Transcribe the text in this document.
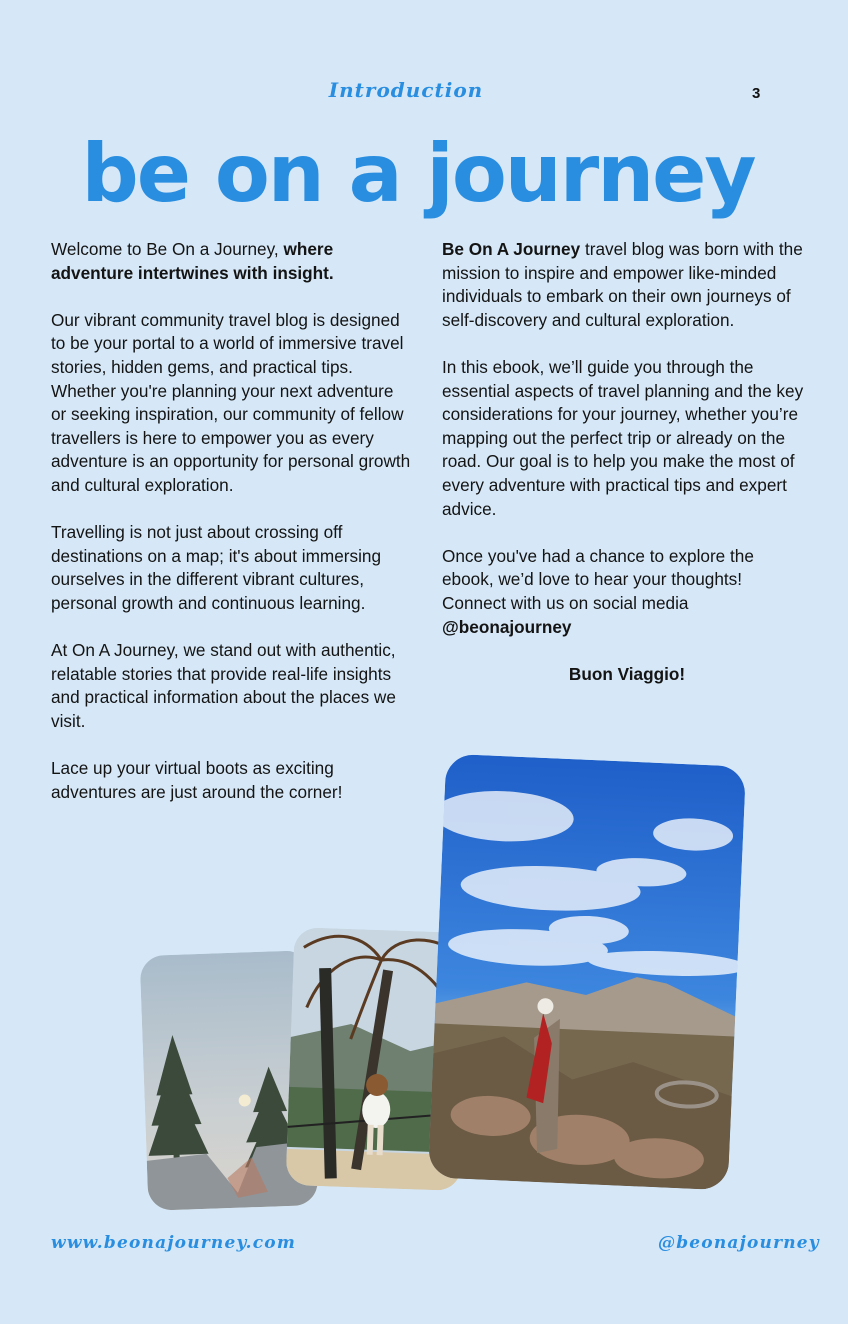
Introduction	3
be on a journey

Welcome to Be On a Journey, where adventure intertwines with insight.

Our vibrant community travel blog is designed to be your portal to a world of immersive travel stories, hidden gems, and practical tips. Whether you're planning your next adventure or seeking inspiration, our community of fellow travellers is here to empower you as every adventure is an opportunity for personal growth and cultural exploration.

Travelling is not just about crossing off destinations on a map; it's about immersing ourselves in the different vibrant cultures, personal growth and continuous learning.

At On A Journey, we stand out with authentic, relatable stories that provide real-life insights and practical information about the places we visit.

Lace up your virtual boots as exciting adventures are just around the corner!

Be On A Journey travel blog was born with the mission to inspire and empower like-minded individuals to embark on their own journeys of self-discovery and cultural exploration.

In this ebook, we’ll guide you through the essential aspects of travel planning and the key considerations for your journey, whether you’re mapping out the perfect trip or already on the road. Our goal is to help you make the most of every adventure with practical tips and expert advice.

Once you've had a chance to explore the ebook, we’d love to hear your thoughts! Connect with us on social media @beonajourney

Buon Viaggio!

www.beonajourney.com	@beonajourney
